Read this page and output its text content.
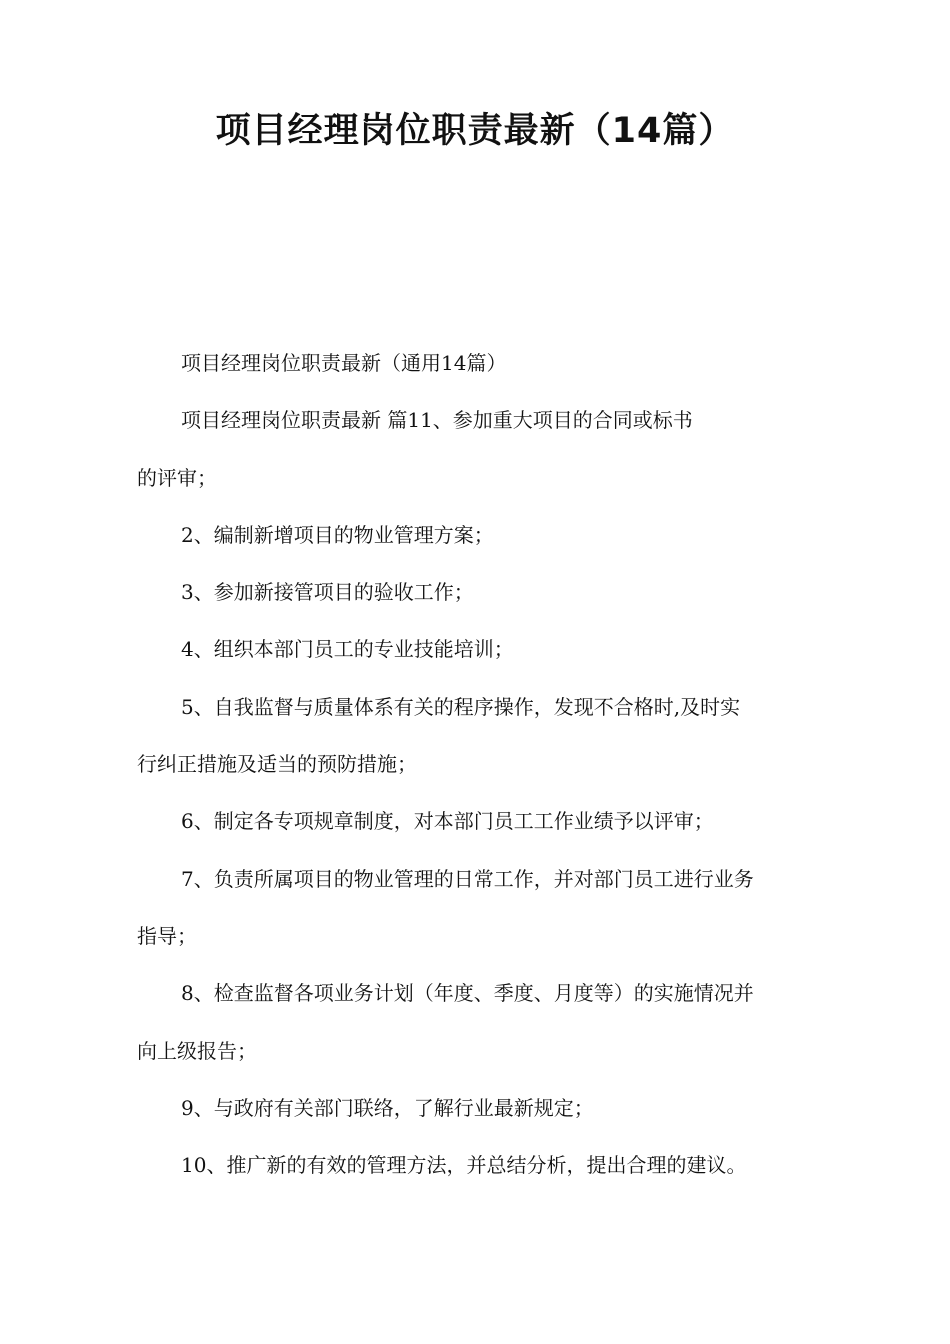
项目经理岗位职责最新（14篇）

项目经理岗位职责最新（通用14篇）

项目经理岗位职责最新 篇11、参加重大项目的合同或标书
的评审；

2、编制新增项目的物业管理方案；

3、参加新接管项目的验收工作；

4、组织本部门员工的专业技能培训；

5、自我监督与质量体系有关的程序操作，发现不合格时,及时实
行纠正措施及适当的预防措施；

6、制定各专项规章制度，对本部门员工工作业绩予以评审；

7、负责所属项目的物业管理的日常工作，并对部门员工进行业务
指导；

8、检查监督各项业务计划（年度、季度、月度等）的实施情况并
向上级报告；

9、与政府有关部门联络，了解行业最新规定；

10、推广新的有效的管理方法，并总结分析，提出合理的建议。
